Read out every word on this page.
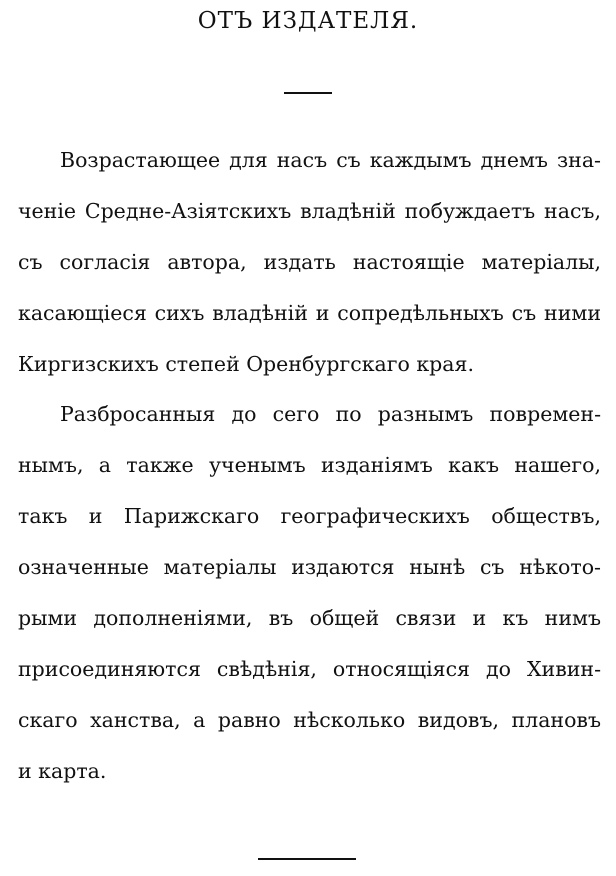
ОТЪ ИЗДАТЕЛЯ.
Возрастающее для насъ съ каждымъ днемъ зна-
ченіе Средне-Азіятскихъ владѣній побуждаетъ насъ,
съ согласія автора, издать настоящіе матеріалы,
касающіеся сихъ владѣній и сопредѣльныхъ съ ними
Киргизскихъ степей Оренбургскаго края.
Разбросанныя до сего по разнымъ повремен-
нымъ, а также ученымъ изданіямъ какъ нашего,
такъ и Парижскаго географическихъ обществъ,
означенные матеріалы издаются нынѣ съ нѣкото-
рыми дополненіями, въ общей связи и къ нимъ
присоединяются свѣдѣнія, относящіяся до Хивин-
скаго ханства, а равно нѣсколько видовъ, плановъ
и карта.
